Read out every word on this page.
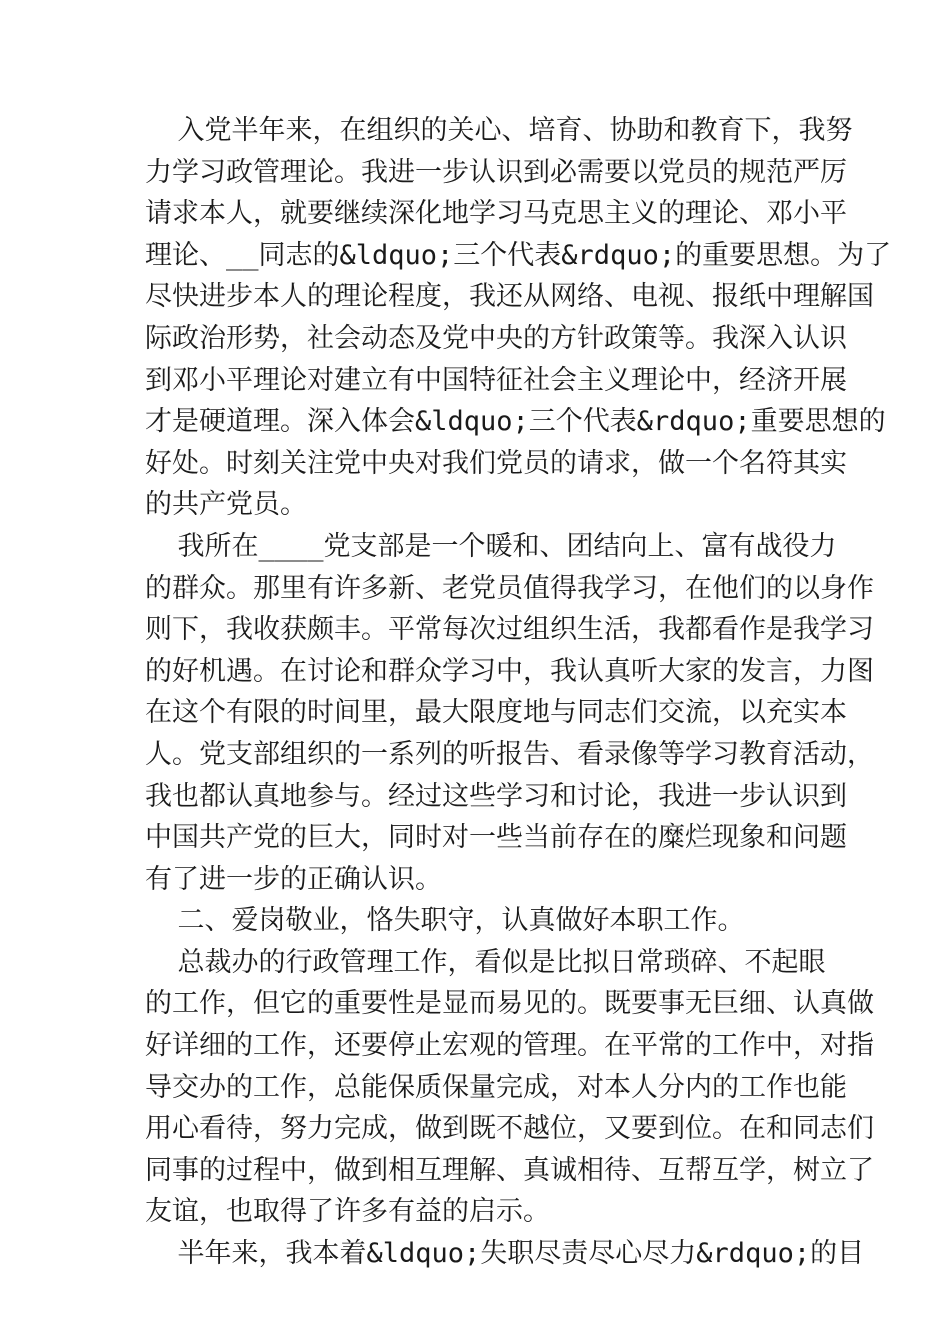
入党半年来，在组织的关心、培育、协助和教育下，我努
力学习政管理论。我进一步认识到必需要以党员的规范严厉
请求本人，就要继续深化地学习马克思主义的理论、邓小平
理论、__同志的&ldquo;三个代表&rdquo;的重要思想。为了
尽快进步本人的理论程度，我还从网络、电视、报纸中理解国
际政治形势，社会动态及党中央的方针政策等。我深入认识
到邓小平理论对建立有中国特征社会主义理论中，经济开展
才是硬道理。深入体会&ldquo;三个代表&rdquo;重要思想的
好处。时刻关注党中央对我们党员的请求，做一个名符其实
的共产党员。
我所在____党支部是一个暖和、团结向上、富有战役力
的群众。那里有许多新、老党员值得我学习，在他们的以身作
则下，我收获颇丰。平常每次过组织生活，我都看作是我学习
的好机遇。在讨论和群众学习中，我认真听大家的发言，力图
在这个有限的时间里，最大限度地与同志们交流，以充实本
人。党支部组织的一系列的听报告、看录像等学习教育活动，
我也都认真地参与。经过这些学习和讨论，我进一步认识到
中国共产党的巨大，同时对一些当前存在的糜烂现象和问题
有了进一步的正确认识。
二、爱岗敬业，恪失职守，认真做好本职工作。
总裁办的行政管理工作，看似是比拟日常琐碎、不起眼
的工作，但它的重要性是显而易见的。既要事无巨细、认真做
好详细的工作，还要停止宏观的管理。在平常的工作中，对指
导交办的工作，总能保质保量完成，对本人分内的工作也能
用心看待，努力完成，做到既不越位，又要到位。在和同志们
同事的过程中，做到相互理解、真诚相待、互帮互学，树立了
友谊，也取得了许多有益的启示。
半年来，我本着&ldquo;失职尽责尽心尽力&rdquo;的目
